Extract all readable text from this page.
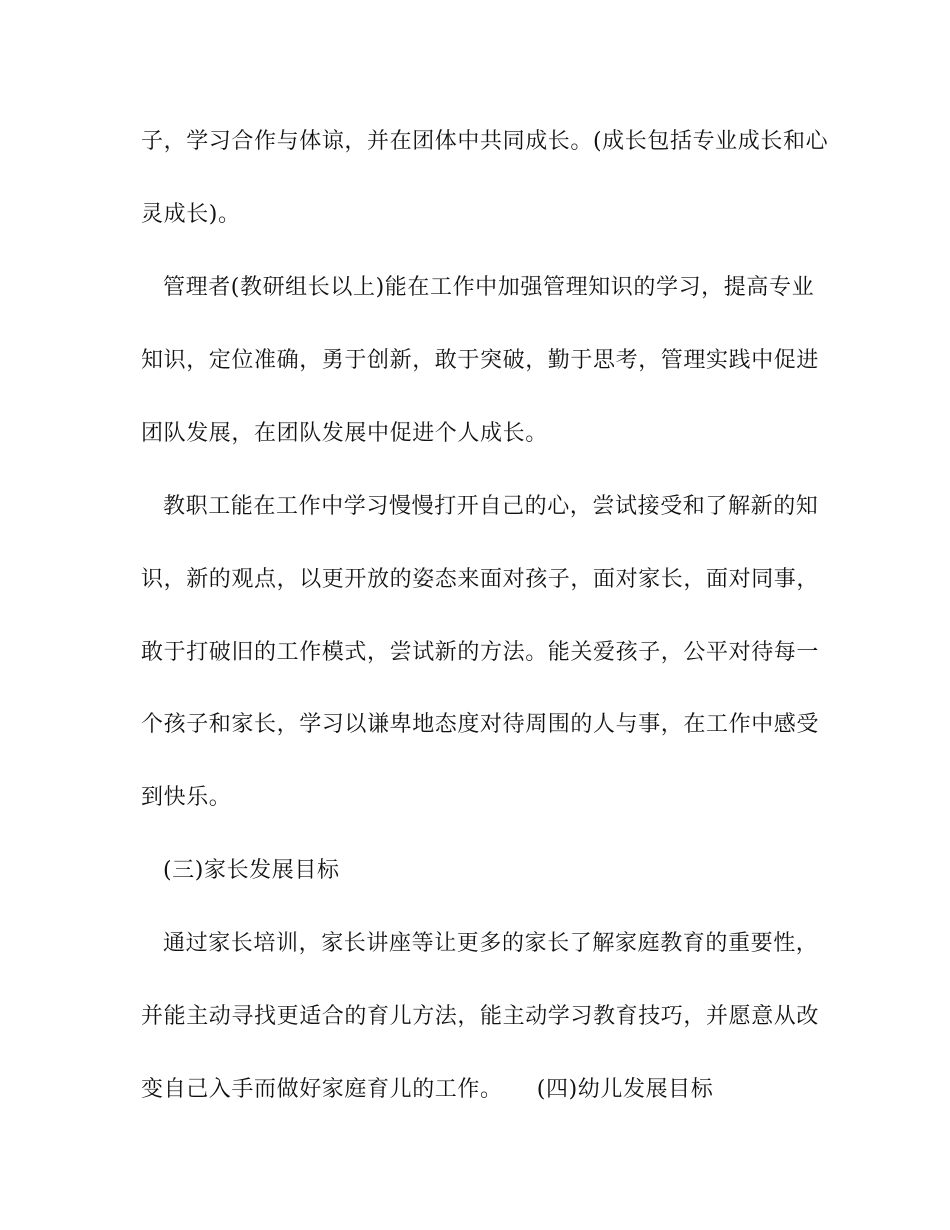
子，学习合作与体谅，并在团体中共同成长。(成长包括专业成长和心
灵成长)。
管理者(教研组长以上)能在工作中加强管理知识的学习，提高专业
知识，定位准确，勇于创新，敢于突破，勤于思考，管理实践中促进
团队发展，在团队发展中促进个人成长。
教职工能在工作中学习慢慢打开自己的心，尝试接受和了解新的知
识，新的观点，以更开放的姿态来面对孩子，面对家长，面对同事，
敢于打破旧的工作模式，尝试新的方法。能关爱孩子，公平对待每一
个孩子和家长，学习以谦卑地态度对待周围的人与事，在工作中感受
到快乐。
(三)家长发展目标
通过家长培训，家长讲座等让更多的家长了解家庭教育的重要性，
并能主动寻找更适合的育儿方法，能主动学习教育技巧，并愿意从改
变自己入手而做好家庭育儿的工作。　　(四)幼儿发展目标
